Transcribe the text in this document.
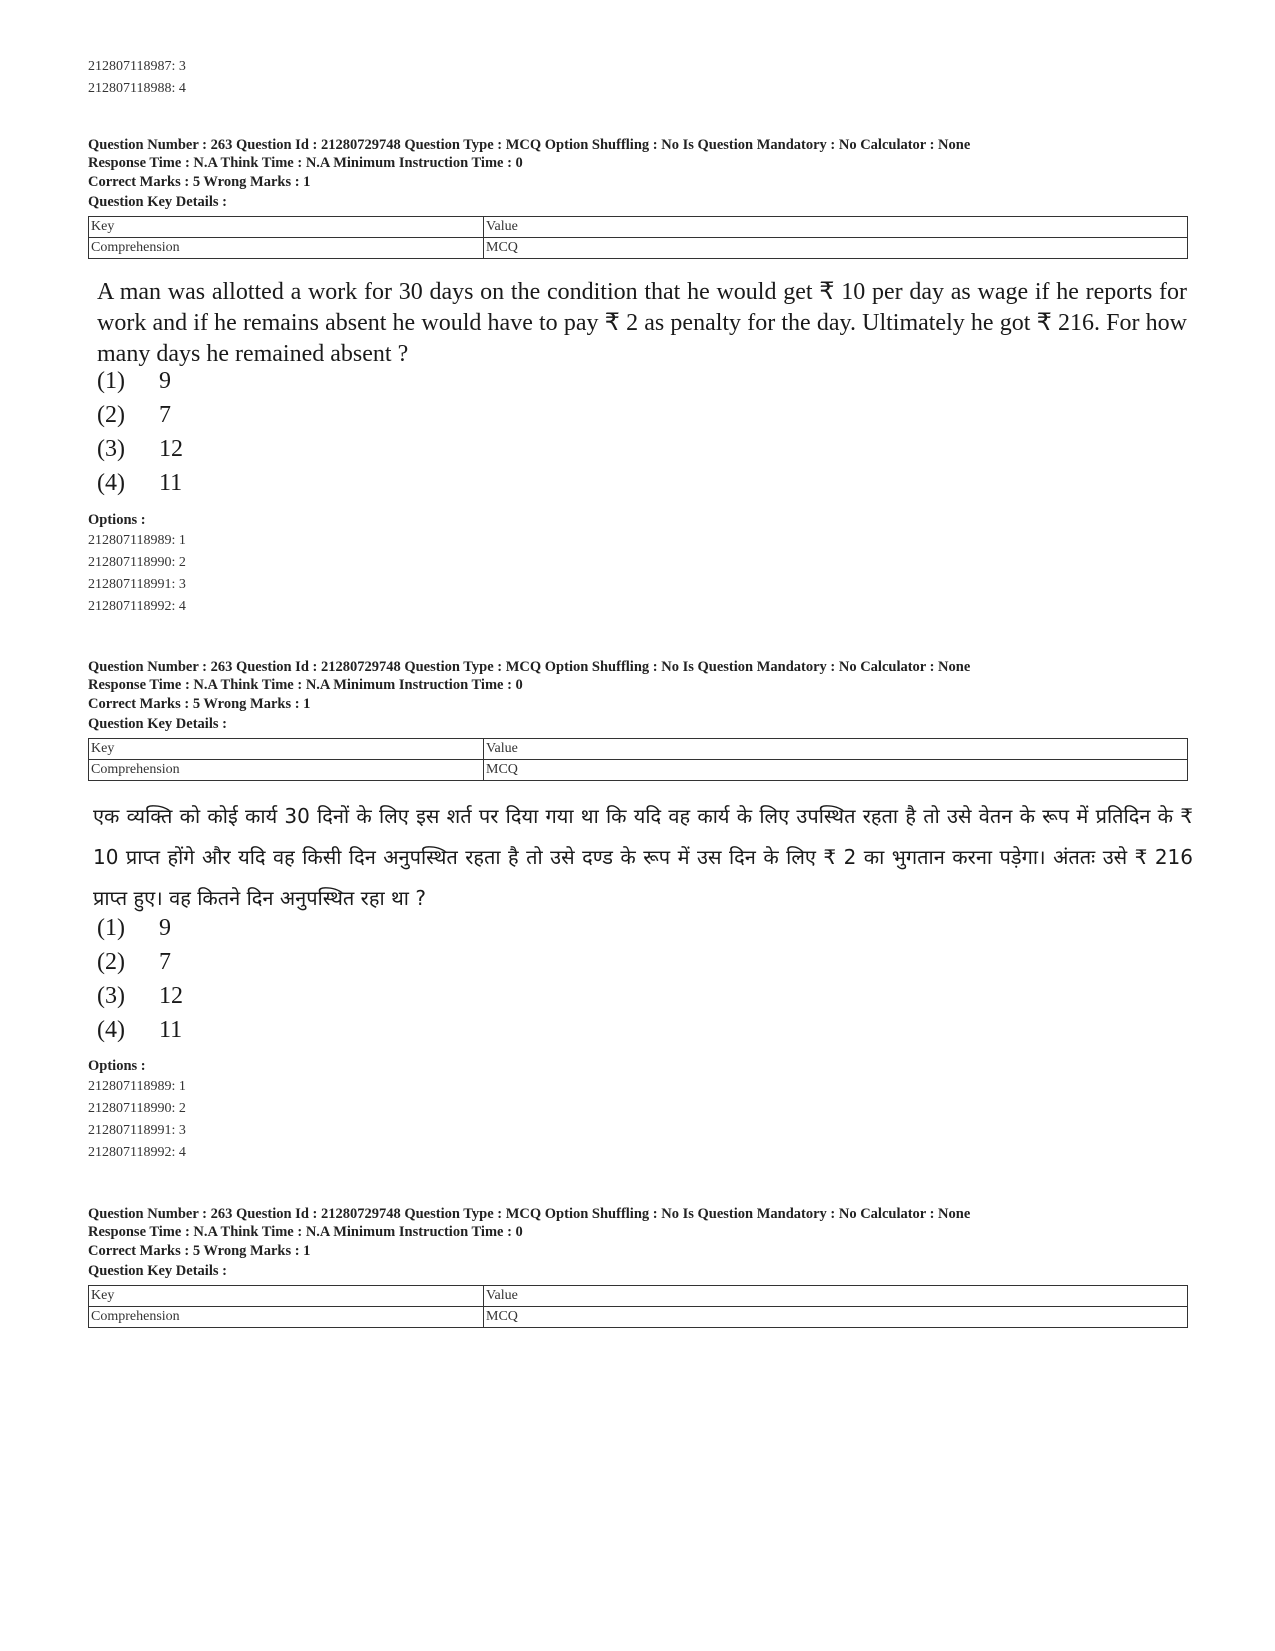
212807118987: 3
212807118988: 4
Question Number : 263 Question Id : 21280729748 Question Type : MCQ Option Shuffling : No Is Question Mandatory : No Calculator : None
Response Time : N.A Think Time : N.A Minimum Instruction Time : 0
Correct Marks : 5 Wrong Marks : 1
Question Key Details :
Key	Value
Comprehension	MCQ
A man was allotted a work for 30 days on the condition that he would get ₹ 10 per day as wage if he reports for work and if he remains absent he would have to pay ₹ 2 as penalty for the day. Ultimately he got ₹ 216. For how many days he remained absent ?
(1) 9
(2) 7
(3) 12
(4) 11
Options :
212807118989: 1
212807118990: 2
212807118991: 3
212807118992: 4
Question Number : 263 Question Id : 21280729748 Question Type : MCQ Option Shuffling : No Is Question Mandatory : No Calculator : None
Response Time : N.A Think Time : N.A Minimum Instruction Time : 0
Correct Marks : 5 Wrong Marks : 1
Question Key Details :
Key	Value
Comprehension	MCQ
एक व्यक्ति को कोई कार्य 30 दिनों के लिए इस शर्त पर दिया गया था कि यदि वह कार्य के लिए उपस्थित रहता है तो उसे वेतन के रूप में प्रतिदिन के ₹ 10 प्राप्त होंगे और यदि वह किसी दिन अनुपस्थित रहता है तो उसे दण्ड के रूप में उस दिन के लिए ₹ 2 का भुगतान करना पड़ेगा। अंततः उसे ₹ 216 प्राप्त हुए। वह कितने दिन अनुपस्थित रहा था ?
(1) 9
(2) 7
(3) 12
(4) 11
Options :
212807118989: 1
212807118990: 2
212807118991: 3
212807118992: 4
Question Number : 263 Question Id : 21280729748 Question Type : MCQ Option Shuffling : No Is Question Mandatory : No Calculator : None
Response Time : N.A Think Time : N.A Minimum Instruction Time : 0
Correct Marks : 5 Wrong Marks : 1
Question Key Details :
Key	Value
Comprehension	MCQ
